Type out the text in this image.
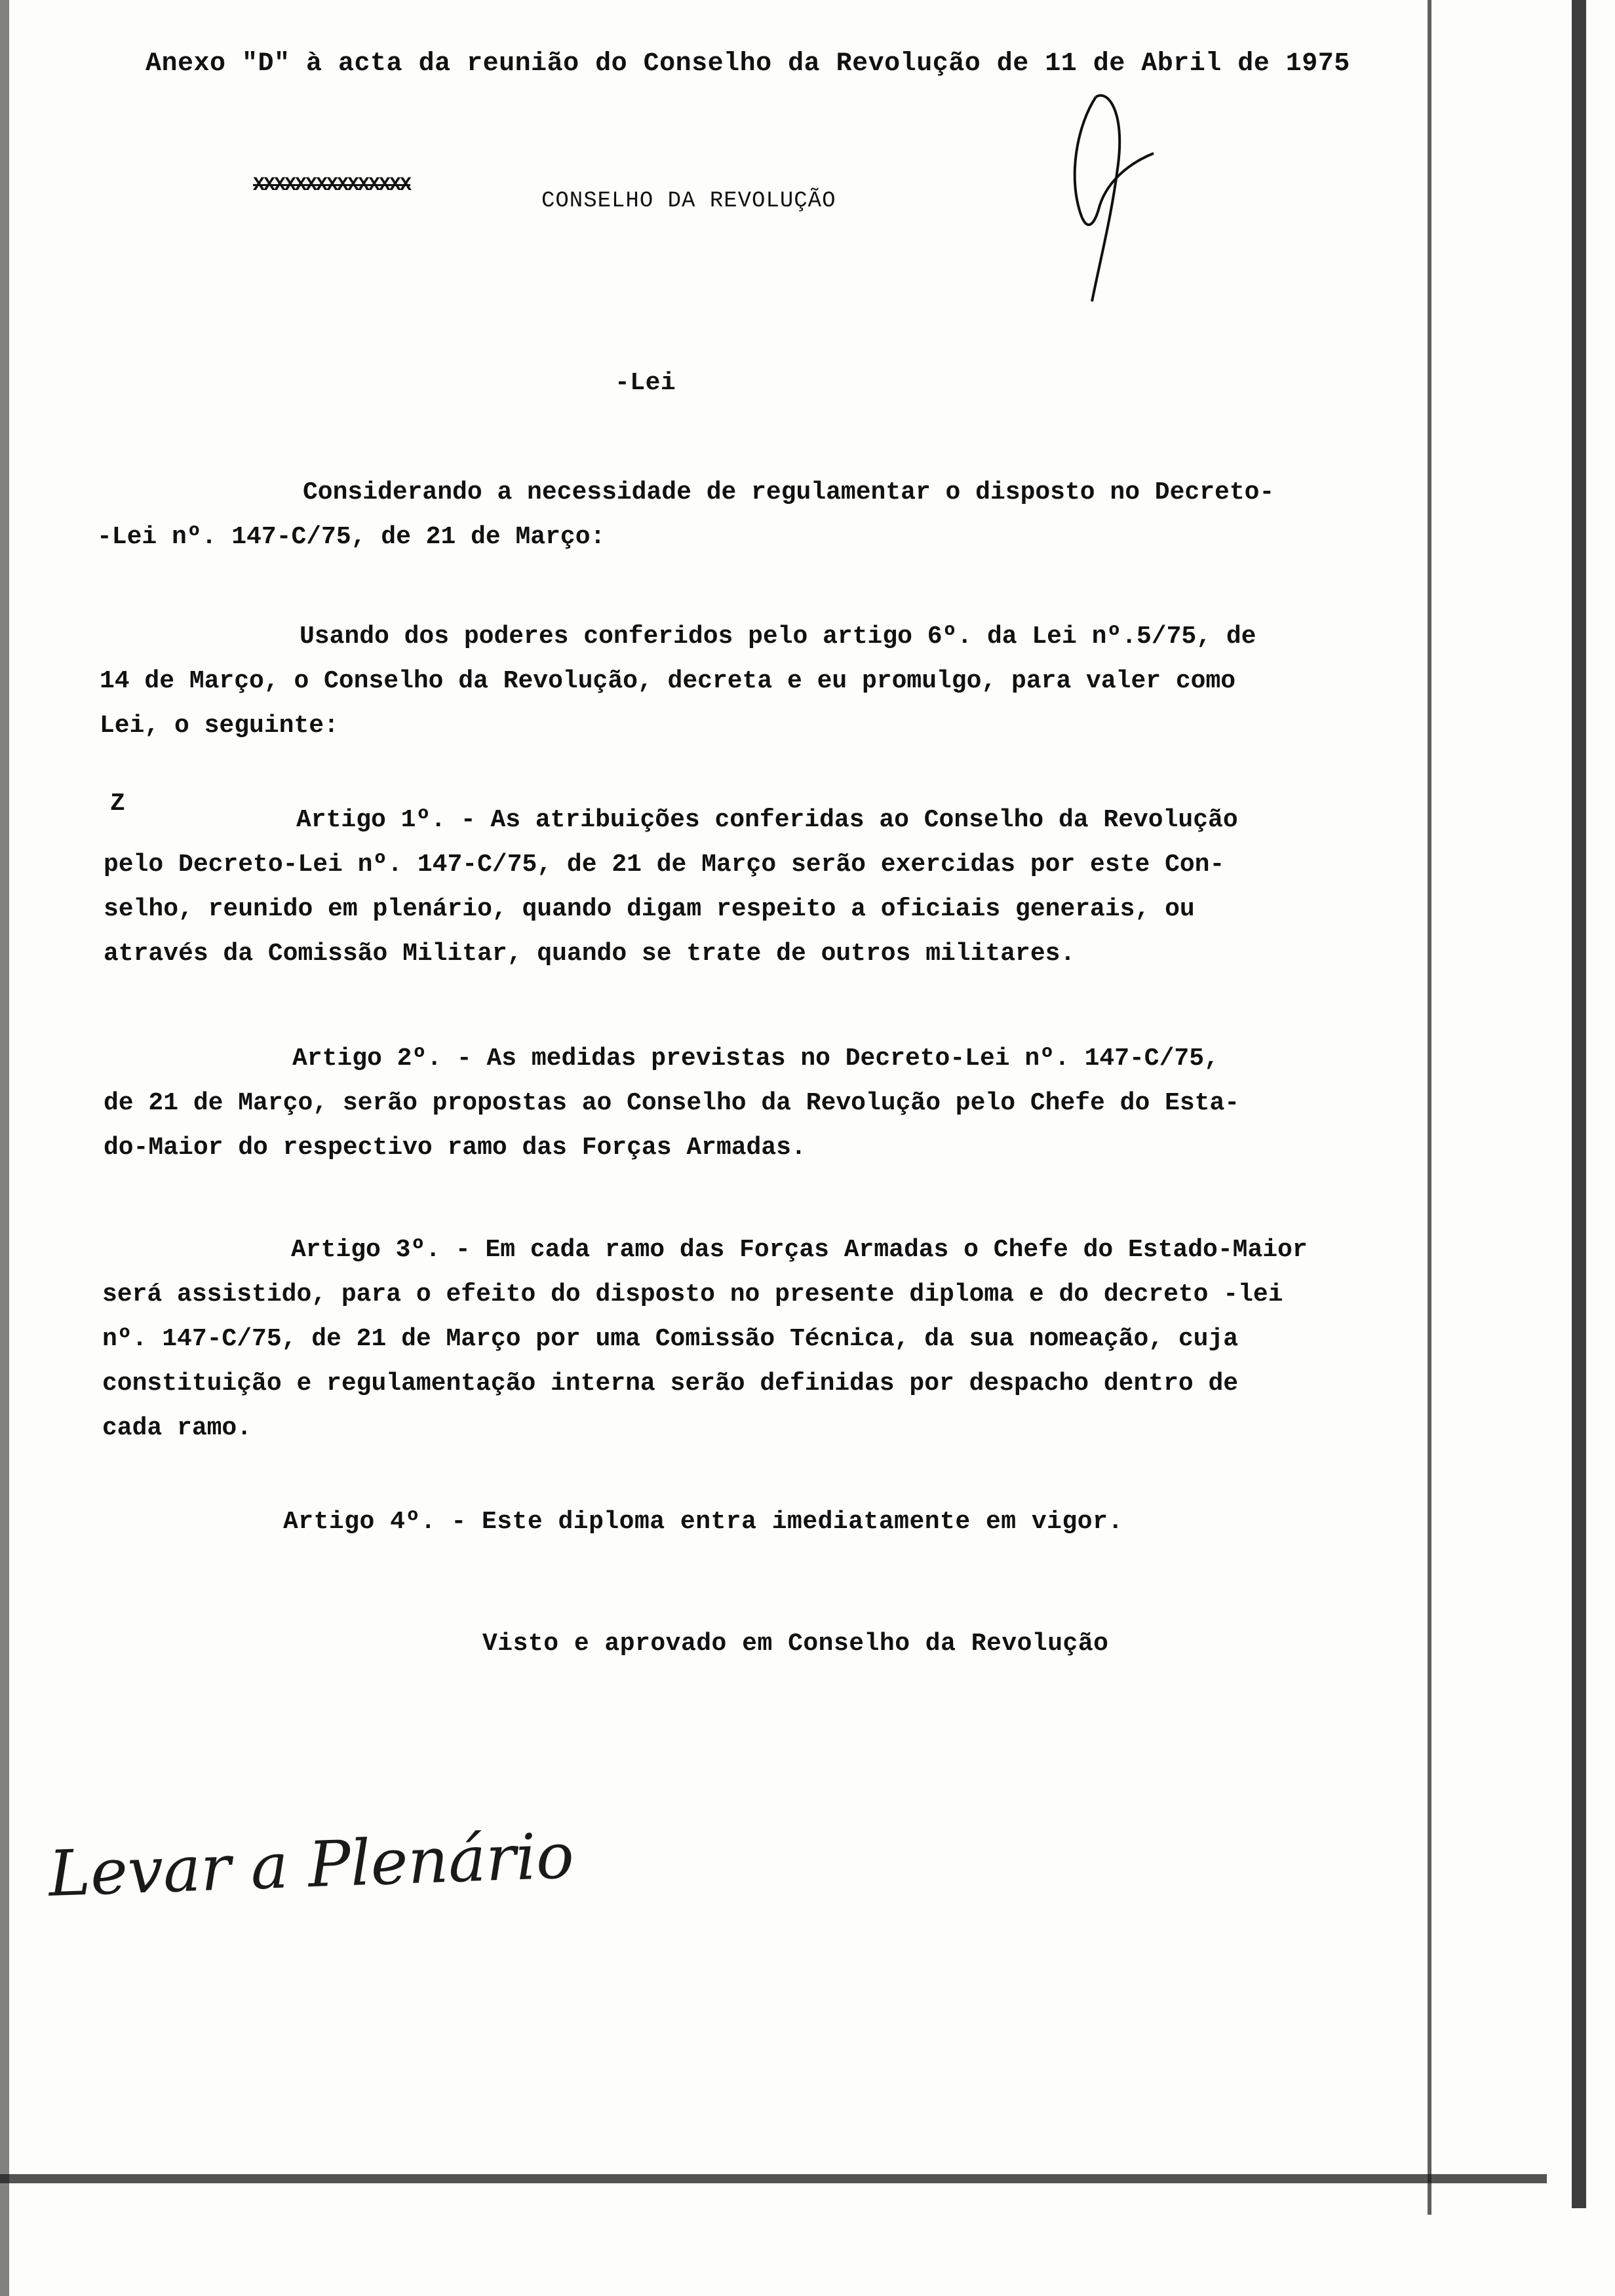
Anexo "D" à acta da reunião do Conselho da Revolução de 11 de Abril de 1975
XXXXXXXXXXXXXXX
CONSELHO DA REVOLUÇÃO
-Lei
Considerando a necessidade de regulamentar o disposto no Decreto-
-Lei nº. 147-C/75, de 21 de Março:
Usando dos poderes conferidos pelo artigo 6º. da Lei nº.5/75, de
14 de Março, o Conselho da Revolução, decreta e eu promulgo, para valer como
Lei, o seguinte:
Z
Artigo 1º. - As atribuições conferidas ao Conselho da Revolução
pelo Decreto-Lei nº. 147-C/75, de 21 de Março serão exercidas por este Con-
selho, reunido em plenário, quando digam respeito a oficiais generais, ou
através da Comissão Militar, quando se trate de outros militares.
Artigo 2º. - As medidas previstas no Decreto-Lei nº. 147-C/75,
de 21 de Março, serão propostas ao Conselho da Revolução pelo Chefe do Esta-
do-Maior do respectivo ramo das Forças Armadas.
Artigo 3º. - Em cada ramo das Forças Armadas o Chefe do Estado-Maior
será assistido, para o efeito do disposto no presente diploma e do decreto -lei
nº. 147-C/75, de 21 de Março por uma Comissão Técnica, da sua nomeação, cuja
constituição e regulamentação interna serão definidas por despacho dentro de
cada ramo.
Artigo 4º. - Este diploma entra imediatamente em vigor.
Visto e aprovado em Conselho da Revolução
Levar a Plenário
